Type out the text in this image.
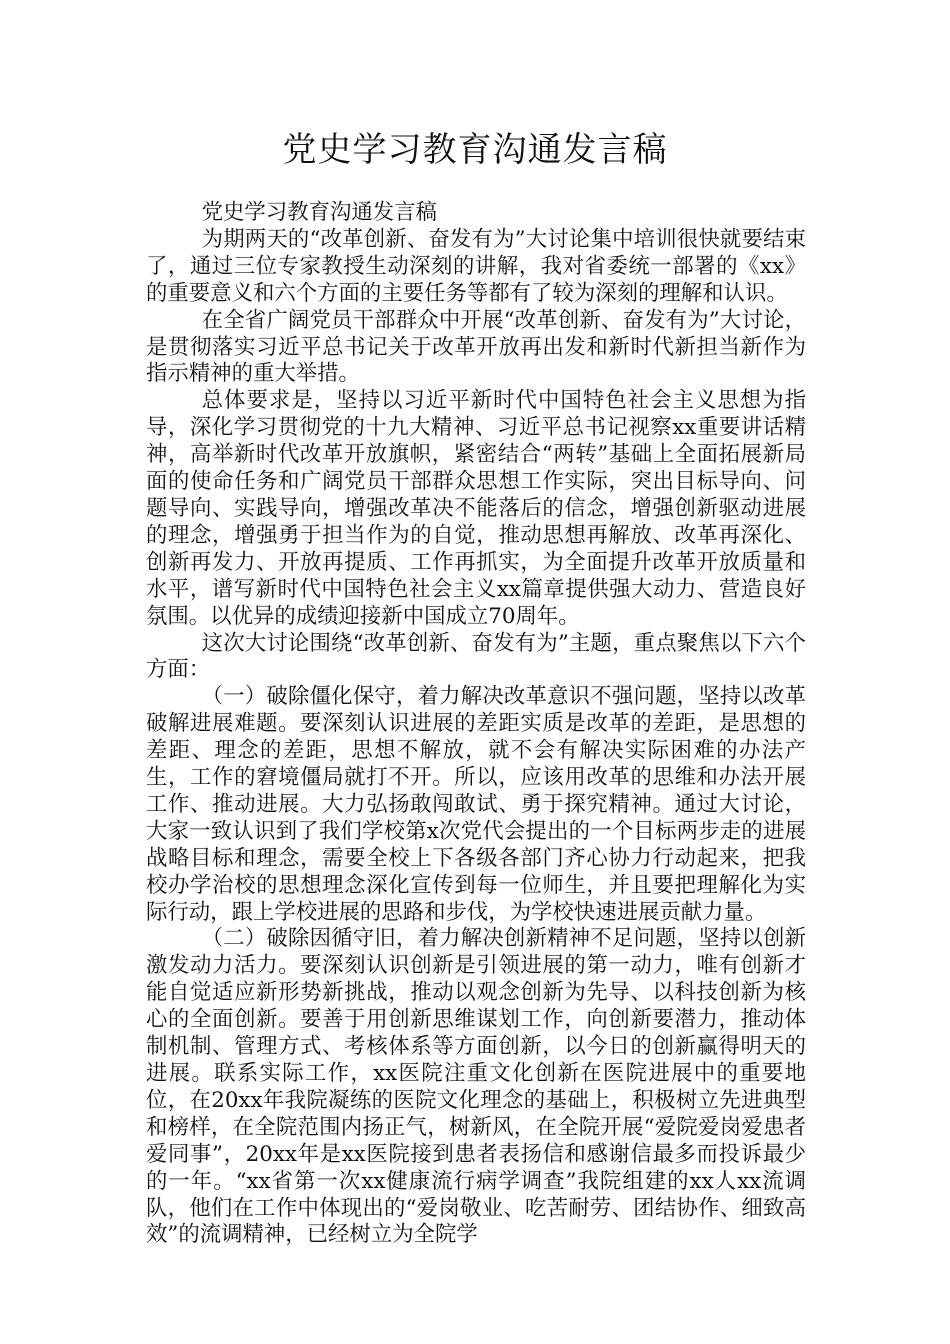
党史学习教育沟通发言稿

党史学习教育沟通发言稿

为期两天的“改革创新、奋发有为”大讨论集中培训很快就要结束了，通过三位专家教授生动深刻的讲解，我对省委统一部署的《xx》的重要意义和六个方面的主要任务等都有了较为深刻的理解和认识。

在全省广阔党员干部群众中开展“改革创新、奋发有为”大讨论，是贯彻落实习近平总书记关于改革开放再出发和新时代新担当新作为指示精神的重大举措。

总体要求是，坚持以习近平新时代中国特色社会主义思想为指导，深化学习贯彻党的十九大精神、习近平总书记视察xx重要讲话精神，高举新时代改革开放旗帜，紧密结合“两转”基础上全面拓展新局面的使命任务和广阔党员干部群众思想工作实际，突出目标导向、问题导向、实践导向，增强改革决不能落后的信念，增强创新驱动进展的理念，增强勇于担当作为的自觉，推动思想再解放、改革再深化、创新再发力、开放再提质、工作再抓实，为全面提升改革开放质量和水平，谱写新时代中国特色社会主义xx篇章提供强大动力、营造良好氛围。以优异的成绩迎接新中国成立70周年。

这次大讨论围绕“改革创新、奋发有为”主题，重点聚焦以下六个方面：

（一）破除僵化保守，着力解决改革意识不强问题，坚持以改革破解进展难题。要深刻认识进展的差距实质是改革的差距，是思想的差距、理念的差距，思想不解放，就不会有解决实际困难的办法产生，工作的窘境僵局就打不开。所以，应该用改革的思维和办法开展工作、推动进展。大力弘扬敢闯敢试、勇于探究精神。通过大讨论，大家一致认识到了我们学校第x次党代会提出的一个目标两步走的进展战略目标和理念，需要全校上下各级各部门齐心协力行动起来，把我校办学治校的思想理念深化宣传到每一位师生，并且要把理解化为实际行动，跟上学校进展的思路和步伐，为学校快速进展贡献力量。

（二）破除因循守旧，着力解决创新精神不足问题，坚持以创新激发动力活力。要深刻认识创新是引领进展的第一动力，唯有创新才能自觉适应新形势新挑战，推动以观念创新为先导、以科技创新为核心的全面创新。要善于用创新思维谋划工作，向创新要潜力，推动体制机制、管理方式、考核体系等方面创新，以今日的创新赢得明天的进展。联系实际工作，xx医院注重文化创新在医院进展中的重要地位，在20xx年我院凝练的医院文化理念的基础上，积极树立先进典型和榜样，在全院范围内扬正气，树新风，在全院开展“爱院爱岗爱患者爱同事”，20xx年是xx医院接到患者表扬信和感谢信最多而投诉最少的一年。“xx省第一次xx健康流行病学调查”我院组建的xx人xx流调队，他们在工作中体现出的“爱岗敬业、吃苦耐劳、团结协作、细致高效”的流调精神，已经树立为全院学
